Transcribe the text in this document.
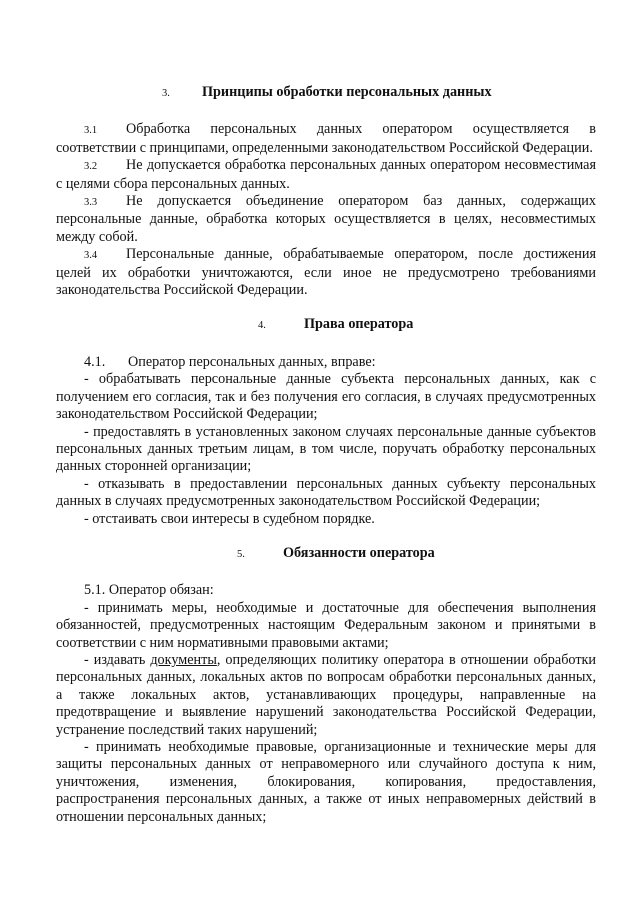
3.	Принципы обработки персональных данных

3.1 Обработка персональных данных оператором осуществляется в соответствии с принципами, определенными законодательством Российской Федерации.

3.2 Не допускается обработка персональных данных оператором несовместимая с целями сбора персональных данных.

3.3 Не допускается объединение оператором баз данных, содержащих персональные данные, обработка которых осуществляется в целях, несовместимых между собой.

3.4 Персональные данные, обрабатываемые оператором, после достижения целей их обработки уничтожаются, если иное не предусмотрено требованиями законодательства Российской Федерации.

4.	Права оператора

4.1. Оператор персональных данных, вправе:

- обрабатывать персональные данные субъекта персональных данных, как с получением его согласия, так и без получения его согласия, в случаях предусмотренных законодательством Российской Федерации;

- предоставлять в установленных законом случаях персональные данные субъектов персональных данных третьим лицам, в том числе, поручать обработку персональных данных сторонней организации;

- отказывать в предоставлении персональных данных субъекту персональных данных в случаях предусмотренных законодательством Российской Федерации;

- отстаивать свои интересы в судебном порядке.

5.	Обязанности оператора

5.1. Оператор обязан:

- принимать меры, необходимые и достаточные для обеспечения выполнения обязанностей, предусмотренных настоящим Федеральным законом и принятыми в соответствии с ним нормативными правовыми актами;

- издавать документы, определяющих политику оператора в отношении обработки персональных данных, локальных актов по вопросам обработки персональных данных, а также локальных актов, устанавливающих процедуры, направленные на предотвращение и выявление нарушений законодательства Российской Федерации, устранение последствий таких нарушений;

- принимать необходимые правовые, организационные и технические меры для защиты персональных данных от неправомерного или случайного доступа к ним, уничтожения, изменения, блокирования, копирования, предоставления, распространения персональных данных, а также от иных неправомерных действий в отношении персональных данных;
